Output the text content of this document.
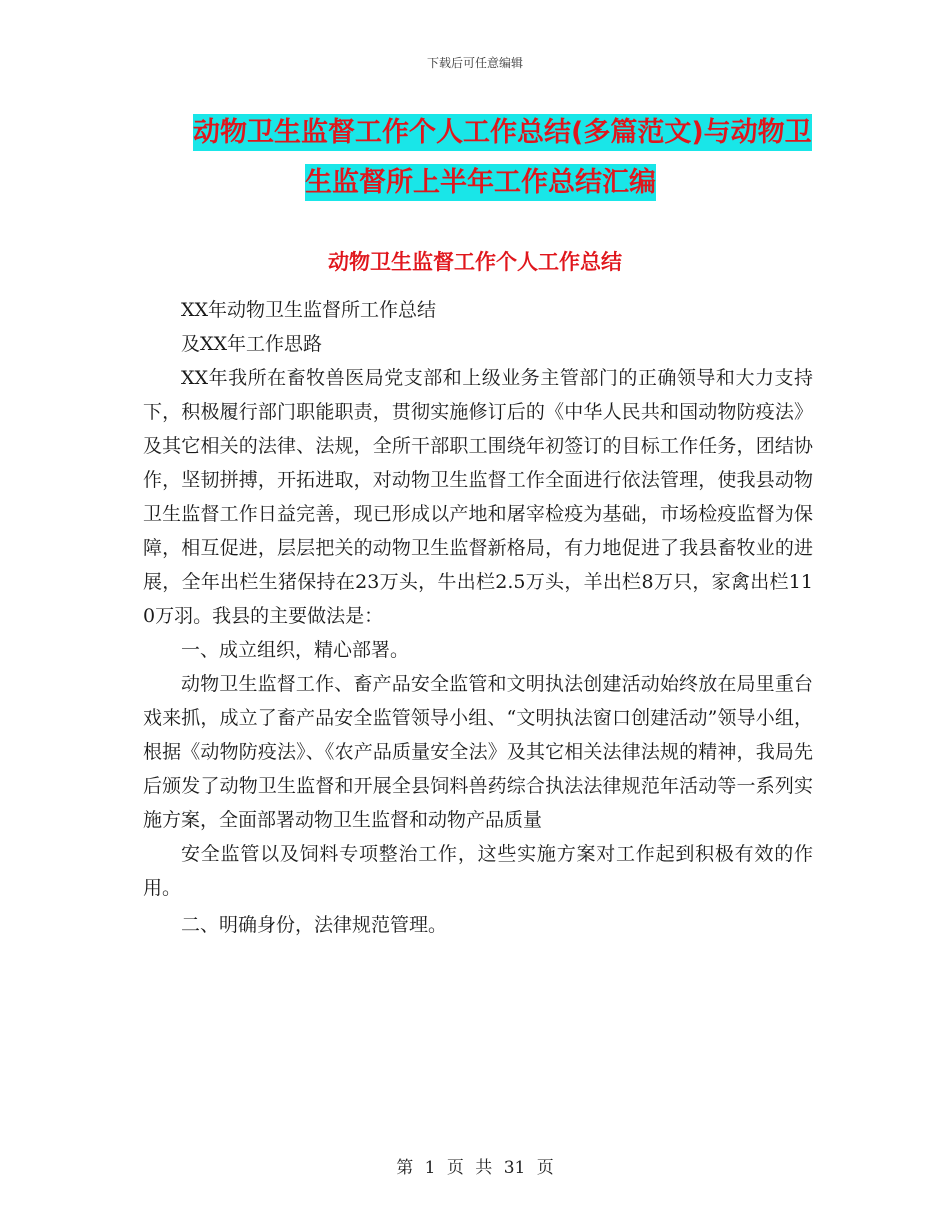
下载后可任意编辑
动物卫生监督工作个人工作总结(多篇范文)与动物卫
生监督所上半年工作总结汇编
动物卫生监督工作个人工作总结

XX年动物卫生监督所工作总结

及XX年工作思路

XX年我所在畜牧兽医局党支部和上级业务主管部门的正确领导和大力支持下，积极履行部门职能职责，贯彻实施修订后的《中华人民共和国动物防疫法》及其它相关的法律、法规，全所干部职工围绕年初签订的目标工作任务，团结协作，坚韧拼搏，开拓进取，对动物卫生监督工作全面进行依法管理，使我县动物卫生监督工作日益完善，现已形成以产地和屠宰检疫为基础，市场检疫监督为保障，相互促进，层层把关的动物卫生监督新格局，有力地促进了我县畜牧业的进展，全年出栏生猪保持在23万头，牛出栏2.5万头，羊出栏8万只，家禽出栏110万羽。我县的主要做法是：

一、成立组织，精心部署。

动物卫生监督工作、畜产品安全监管和文明执法创建活动始终放在局里重台戏来抓，成立了畜产品安全监管领导小组、“文明执法窗口创建活动”领导小组，根据《动物防疫法》、《农产品质量安全法》及其它相关法律法规的精神，我局先后颁发了动物卫生监督和开展全县饲料兽药综合执法法律规范年活动等一系列实施方案，全面部署动物卫生监督和动物产品质量

安全监管以及饲料专项整治工作，这些实施方案对工作起到积极有效的作用。

二、明确身份，法律规范管理。

第 1 页 共 31 页
